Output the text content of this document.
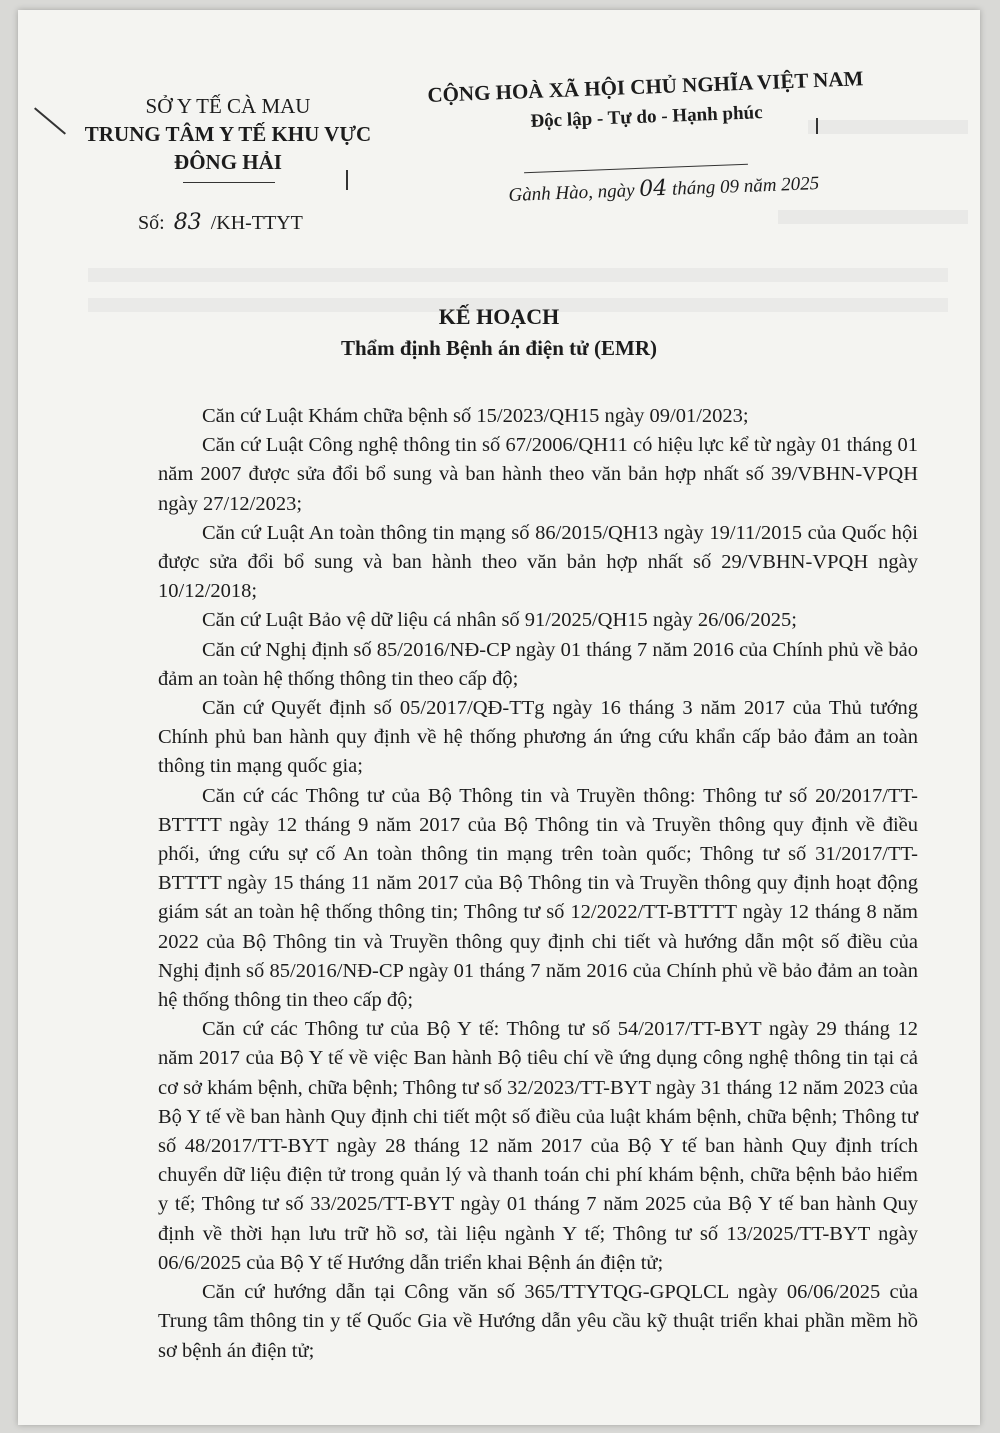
SỞ Y TẾ CÀ MAU
TRUNG TÂM Y TẾ KHU VỰC
ĐÔNG HẢI
Số: 83 /KH-TTYT
CỘNG HOÀ XÃ HỘI CHỦ NGHĨA VIỆT NAM
Độc lập - Tự do - Hạnh phúc
Gành Hào, ngày 04 tháng 09 năm 2025
KẾ HOẠCH
Thẩm định Bệnh án điện tử (EMR)

Căn cứ Luật Khám chữa bệnh số 15/2023/QH15 ngày 09/01/2023;

Căn cứ Luật Công nghệ thông tin số 67/2006/QH11 có hiệu lực kể từ ngày 01 tháng 01 năm 2007 được sửa đổi bổ sung và ban hành theo văn bản hợp nhất số 39/VBHN-VPQH ngày 27/12/2023;

Căn cứ Luật An toàn thông tin mạng số 86/2015/QH13 ngày 19/11/2015 của Quốc hội được sửa đổi bổ sung và ban hành theo văn bản hợp nhất số 29/VBHN-VPQH ngày 10/12/2018;

Căn cứ Luật Bảo vệ dữ liệu cá nhân số 91/2025/QH15 ngày 26/06/2025;

Căn cứ Nghị định số 85/2016/NĐ-CP ngày 01 tháng 7 năm 2016 của Chính phủ về bảo đảm an toàn hệ thống thông tin theo cấp độ;

Căn cứ Quyết định số 05/2017/QĐ-TTg ngày 16 tháng 3 năm 2017 của Thủ tướng Chính phủ ban hành quy định về hệ thống phương án ứng cứu khẩn cấp bảo đảm an toàn thông tin mạng quốc gia;

Căn cứ các Thông tư của Bộ Thông tin và Truyền thông: Thông tư số 20/2017/TT-BTTTT ngày 12 tháng 9 năm 2017 của Bộ Thông tin và Truyền thông quy định về điều phối, ứng cứu sự cố An toàn thông tin mạng trên toàn quốc; Thông tư số 31/2017/TT-BTTTT ngày 15 tháng 11 năm 2017 của Bộ Thông tin và Truyền thông quy định hoạt động giám sát an toàn hệ thống thông tin; Thông tư số 12/2022/TT-BTTTT ngày 12 tháng 8 năm 2022 của Bộ Thông tin và Truyền thông quy định chi tiết và hướng dẫn một số điều của Nghị định số 85/2016/NĐ-CP ngày 01 tháng 7 năm 2016 của Chính phủ về bảo đảm an toàn hệ thống thông tin theo cấp độ;

Căn cứ các Thông tư của Bộ Y tế: Thông tư số 54/2017/TT-BYT ngày 29 tháng 12 năm 2017 của Bộ Y tế về việc Ban hành Bộ tiêu chí về ứng dụng công nghệ thông tin tại cả cơ sở khám bệnh, chữa bệnh; Thông tư số 32/2023/TT-BYT ngày 31 tháng 12 năm 2023 của Bộ Y tế về ban hành Quy định chi tiết một số điều của luật khám bệnh, chữa bệnh; Thông tư số 48/2017/TT-BYT ngày 28 tháng 12 năm 2017 của Bộ Y tế ban hành Quy định trích chuyển dữ liệu điện tử trong quản lý và thanh toán chi phí khám bệnh, chữa bệnh bảo hiểm y tế; Thông tư số 33/2025/TT-BYT ngày 01 tháng 7 năm 2025 của Bộ Y tế ban hành Quy định về thời hạn lưu trữ hồ sơ, tài liệu ngành Y tế; Thông tư số 13/2025/TT-BYT ngày 06/6/2025 của Bộ Y tế Hướng dẫn triển khai Bệnh án điện tử;

Căn cứ hướng dẫn tại Công văn số 365/TTYTQG-GPQLCL ngày 06/06/2025 của Trung tâm thông tin y tế Quốc Gia về Hướng dẫn yêu cầu kỹ thuật triển khai phần mềm hồ sơ bệnh án điện tử;
